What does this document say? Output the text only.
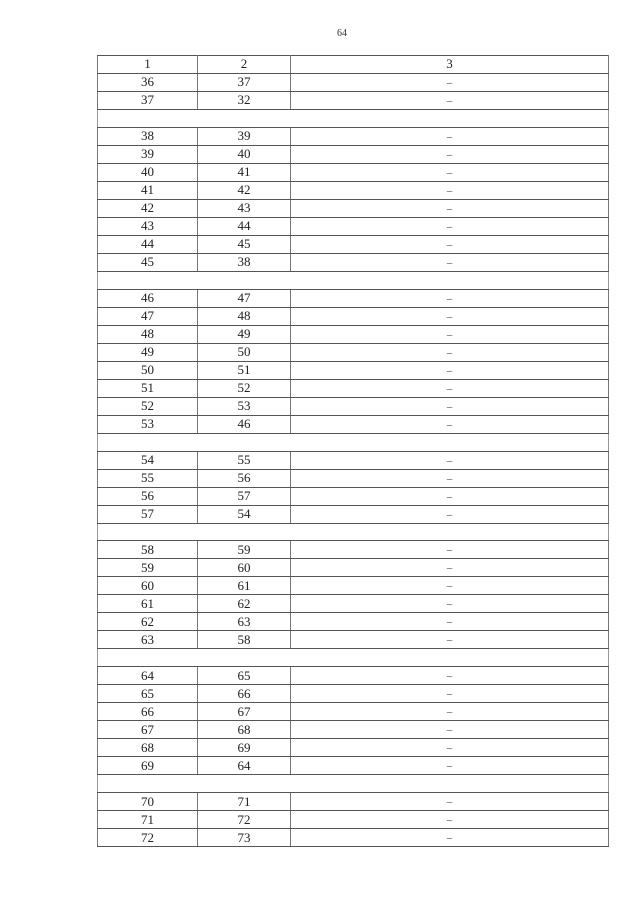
64
1	2	3
36	37	–
37	32	–

38	39	–
39	40	–
40	41	–
41	42	–
42	43	–
43	44	–
44	45	–
45	38	–

46	47	–
47	48	–
48	49	–
49	50	–
50	51	–
51	52	–
52	53	–
53	46	–

54	55	–
55	56	–
56	57	–
57	54	–

58	59	–
59	60	–
60	61	–
61	62	–
62	63	–
63	58	–

64	65	–
65	66	–
66	67	–
67	68	–
68	69	–
69	64	–

70	71	–
71	72	–
72	73	–
